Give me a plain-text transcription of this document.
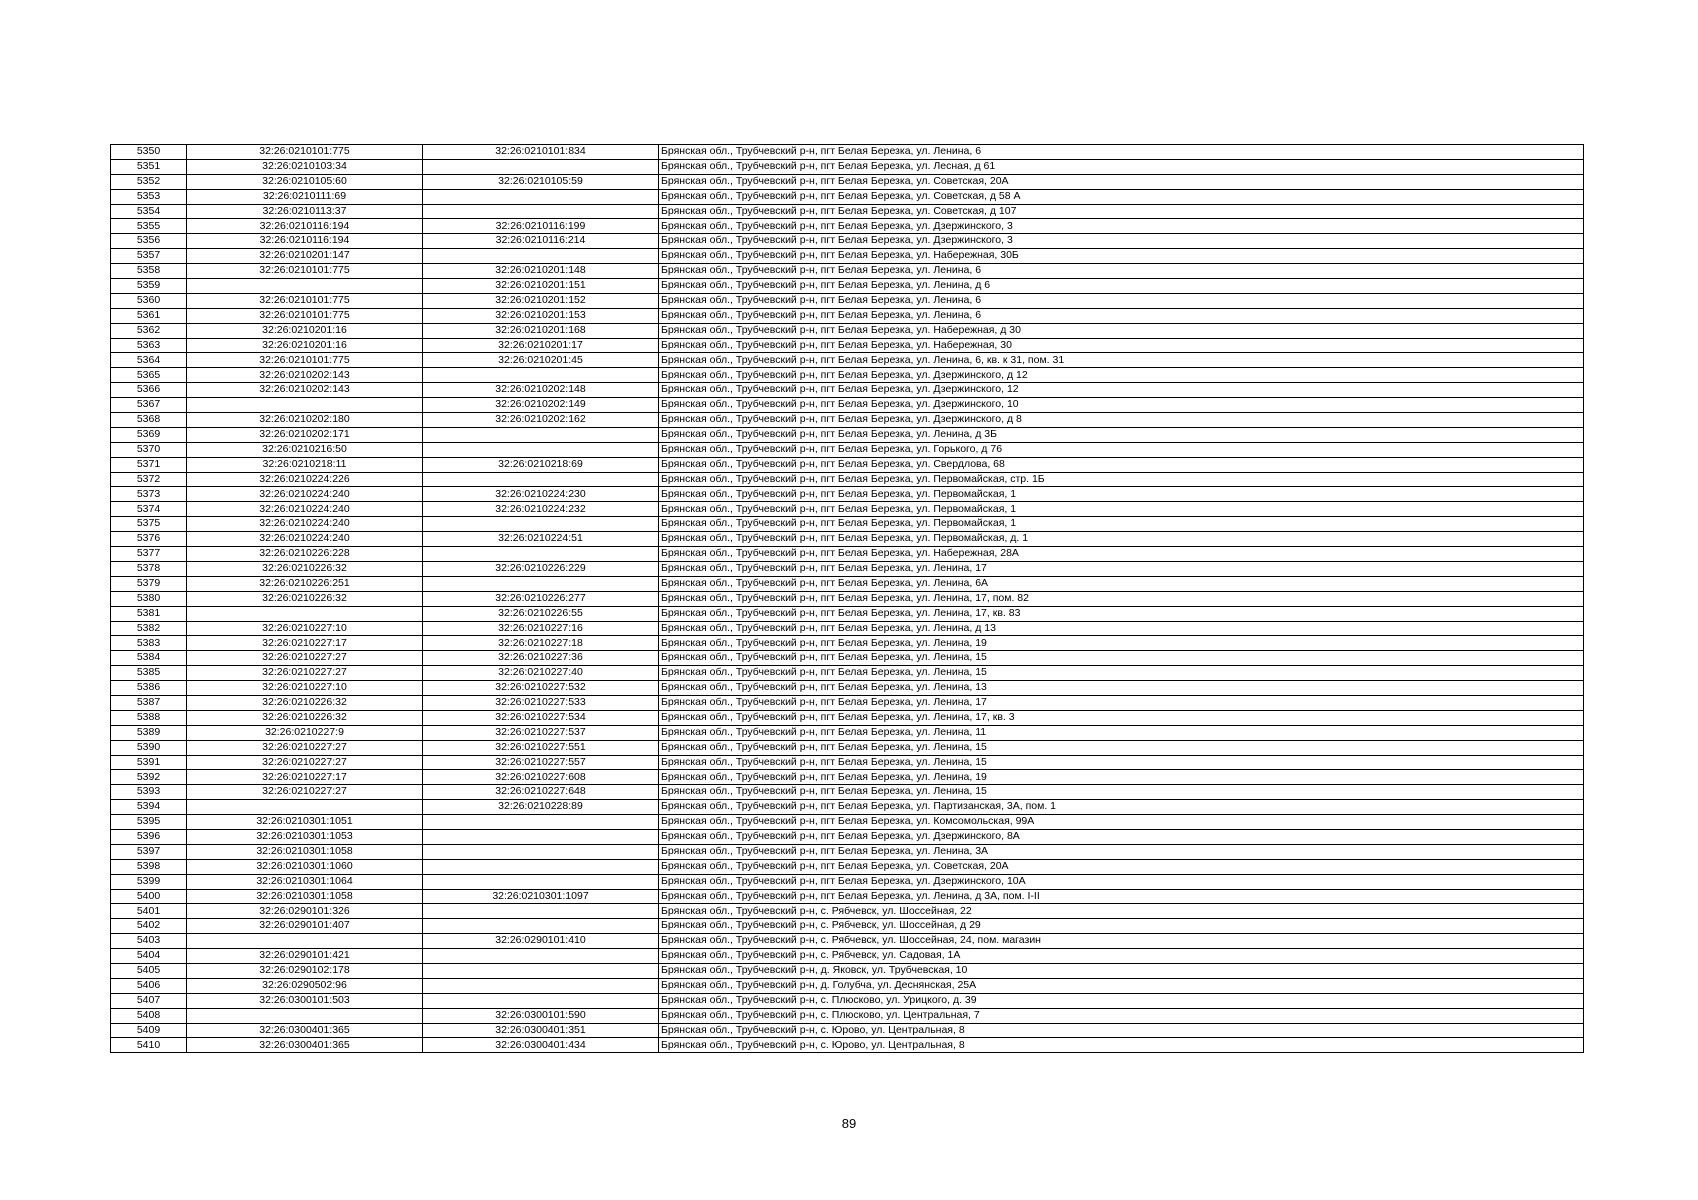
5350	32:26:0210101:775	32:26:0210101:834	Брянская обл., Трубчевский р-н, пгт Белая Березка, ул. Ленина, 6
5351	32:26:0210103:34		Брянская обл., Трубчевский р-н, пгт Белая Березка, ул. Лесная, д 61
5352	32:26:0210105:60	32:26:0210105:59	Брянская обл., Трубчевский р-н, пгт Белая Березка, ул. Советская, 20А
5353	32:26:0210111:69		Брянская обл., Трубчевский р-н, пгт Белая Березка, ул. Советская, д 58 А
5354	32:26:0210113:37		Брянская обл., Трубчевский р-н, пгт Белая Березка, ул. Советская, д 107
5355	32:26:0210116:194	32:26:0210116:199	Брянская обл., Трубчевский р-н, пгт Белая Березка, ул. Дзержинского, 3
5356	32:26:0210116:194	32:26:0210116:214	Брянская обл., Трубчевский р-н, пгт Белая Березка, ул. Дзержинского, 3
5357	32:26:0210201:147		Брянская обл., Трубчевский р-н, пгт Белая Березка, ул. Набережная, 30Б
5358	32:26:0210101:775	32:26:0210201:148	Брянская обл., Трубчевский р-н, пгт Белая Березка, ул. Ленина, 6
5359		32:26:0210201:151	Брянская обл., Трубчевский р-н, пгт Белая Березка, ул. Ленина, д 6
5360	32:26:0210101:775	32:26:0210201:152	Брянская обл., Трубчевский р-н, пгт Белая Березка, ул. Ленина, 6
5361	32:26:0210101:775	32:26:0210201:153	Брянская обл., Трубчевский р-н, пгт Белая Березка, ул. Ленина, 6
5362	32:26:0210201:16	32:26:0210201:168	Брянская обл., Трубчевский р-н, пгт Белая Березка, ул. Набережная, д 30
5363	32:26:0210201:16	32:26:0210201:17	Брянская обл., Трубчевский р-н, пгт Белая Березка, ул. Набережная, 30
5364	32:26:0210101:775	32:26:0210201:45	Брянская обл., Трубчевский р-н, пгт Белая Березка, ул. Ленина, 6, кв. к 31, пом. 31
5365	32:26:0210202:143		Брянская обл., Трубчевский р-н, пгт Белая Березка, ул. Дзержинского, д 12
5366	32:26:0210202:143	32:26:0210202:148	Брянская обл., Трубчевский р-н, пгт Белая Березка, ул. Дзержинского, 12
5367		32:26:0210202:149	Брянская обл., Трубчевский р-н, пгт Белая Березка, ул. Дзержинского, 10
5368	32:26:0210202:180	32:26:0210202:162	Брянская обл., Трубчевский р-н, пгт Белая Березка, ул. Дзержинского, д 8
5369	32:26:0210202:171		Брянская обл., Трубчевский р-н, пгт Белая Березка, ул. Ленина, д 3Б
5370	32:26:0210216:50		Брянская обл., Трубчевский р-н, пгт Белая Березка, ул. Горького, д 76
5371	32:26:0210218:11	32:26:0210218:69	Брянская обл., Трубчевский р-н, пгт Белая Березка, ул. Свердлова, 68
5372	32:26:0210224:226		Брянская обл., Трубчевский р-н, пгт Белая Березка, ул. Первомайская, стр. 1Б
5373	32:26:0210224:240	32:26:0210224:230	Брянская обл., Трубчевский р-н, пгт Белая Березка, ул. Первомайская, 1
5374	32:26:0210224:240	32:26:0210224:232	Брянская обл., Трубчевский р-н, пгт Белая Березка, ул. Первомайская, 1
5375	32:26:0210224:240		Брянская обл., Трубчевский р-н, пгт Белая Березка, ул. Первомайская, 1
5376	32:26:0210224:240	32:26:0210224:51	Брянская обл., Трубчевский р-н, пгт Белая Березка, ул. Первомайская, д. 1
5377	32:26:0210226:228		Брянская обл., Трубчевский р-н, пгт Белая Березка, ул. Набережная, 28А
5378	32:26:0210226:32	32:26:0210226:229	Брянская обл., Трубчевский р-н, пгт Белая Березка, ул. Ленина, 17
5379	32:26:0210226:251		Брянская обл., Трубчевский р-н, пгт Белая Березка, ул. Ленина, 6А
5380	32:26:0210226:32	32:26:0210226:277	Брянская обл., Трубчевский р-н, пгт Белая Березка, ул. Ленина, 17, пом. 82
5381		32:26:0210226:55	Брянская обл., Трубчевский р-н, пгт Белая Березка, ул. Ленина, 17, кв. 83
5382	32:26:0210227:10	32:26:0210227:16	Брянская обл., Трубчевский р-н, пгт Белая Березка, ул. Ленина, д 13
5383	32:26:0210227:17	32:26:0210227:18	Брянская обл., Трубчевский р-н, пгт Белая Березка, ул. Ленина, 19
5384	32:26:0210227:27	32:26:0210227:36	Брянская обл., Трубчевский р-н, пгт Белая Березка, ул. Ленина, 15
5385	32:26:0210227:27	32:26:0210227:40	Брянская обл., Трубчевский р-н, пгт Белая Березка, ул. Ленина, 15
5386	32:26:0210227:10	32:26:0210227:532	Брянская обл., Трубчевский р-н, пгт Белая Березка, ул. Ленина, 13
5387	32:26:0210226:32	32:26:0210227:533	Брянская обл., Трубчевский р-н, пгт Белая Березка, ул. Ленина, 17
5388	32:26:0210226:32	32:26:0210227:534	Брянская обл., Трубчевский р-н, пгт Белая Березка, ул. Ленина, 17, кв. 3
5389	32:26:0210227:9	32:26:0210227:537	Брянская обл., Трубчевский р-н, пгт Белая Березка, ул. Ленина, 11
5390	32:26:0210227:27	32:26:0210227:551	Брянская обл., Трубчевский р-н, пгт Белая Березка, ул. Ленина, 15
5391	32:26:0210227:27	32:26:0210227:557	Брянская обл., Трубчевский р-н, пгт Белая Березка, ул. Ленина, 15
5392	32:26:0210227:17	32:26:0210227:608	Брянская обл., Трубчевский р-н, пгт Белая Березка, ул. Ленина, 19
5393	32:26:0210227:27	32:26:0210227:648	Брянская обл., Трубчевский р-н, пгт Белая Березка, ул. Ленина, 15
5394		32:26:0210228:89	Брянская обл., Трубчевский р-н, пгт Белая Березка, ул. Партизанская, 3А, пом. 1
5395	32:26:0210301:1051		Брянская обл., Трубчевский р-н, пгт Белая Березка, ул. Комсомольская, 99А
5396	32:26:0210301:1053		Брянская обл., Трубчевский р-н, пгт Белая Березка, ул. Дзержинского, 8А
5397	32:26:0210301:1058		Брянская обл., Трубчевский р-н, пгт Белая Березка, ул. Ленина, 3А
5398	32:26:0210301:1060		Брянская обл., Трубчевский р-н, пгт Белая Березка, ул. Советская, 20А
5399	32:26:0210301:1064		Брянская обл., Трубчевский р-н, пгт Белая Березка, ул. Дзержинского, 10А
5400	32:26:0210301:1058	32:26:0210301:1097	Брянская обл., Трубчевский р-н, пгт Белая Березка, ул. Ленина, д 3А, пом. I-II
5401	32:26:0290101:326		Брянская обл., Трубчевский р-н, с. Рябчевск, ул. Шоссейная, 22
5402	32:26:0290101:407		Брянская обл., Трубчевский р-н, с. Рябчевск, ул. Шоссейная, д 29
5403		32:26:0290101:410	Брянская обл., Трубчевский р-н, с. Рябчевск, ул. Шоссейная, 24, пом. магазин
5404	32:26:0290101:421		Брянская обл., Трубчевский р-н, с. Рябчевск, ул. Садовая, 1А
5405	32:26:0290102:178		Брянская обл., Трубчевский р-н, д. Яковск, ул. Трубчевская, 10
5406	32:26:0290502:96		Брянская обл., Трубчевский р-н, д. Голубча, ул. Деснянская, 25А
5407	32:26:0300101:503		Брянская обл., Трубчевский р-н, с. Плюсково, ул. Урицкого, д. 39
5408		32:26:0300101:590	Брянская обл., Трубчевский р-н, с. Плюсково, ул. Центральная, 7
5409	32:26:0300401:365	32:26:0300401:351	Брянская обл., Трубчевский р-н, с. Юрово, ул. Центральная, 8
5410	32:26:0300401:365	32:26:0300401:434	Брянская обл., Трубчевский р-н, с. Юрово, ул. Центральная, 8
89
